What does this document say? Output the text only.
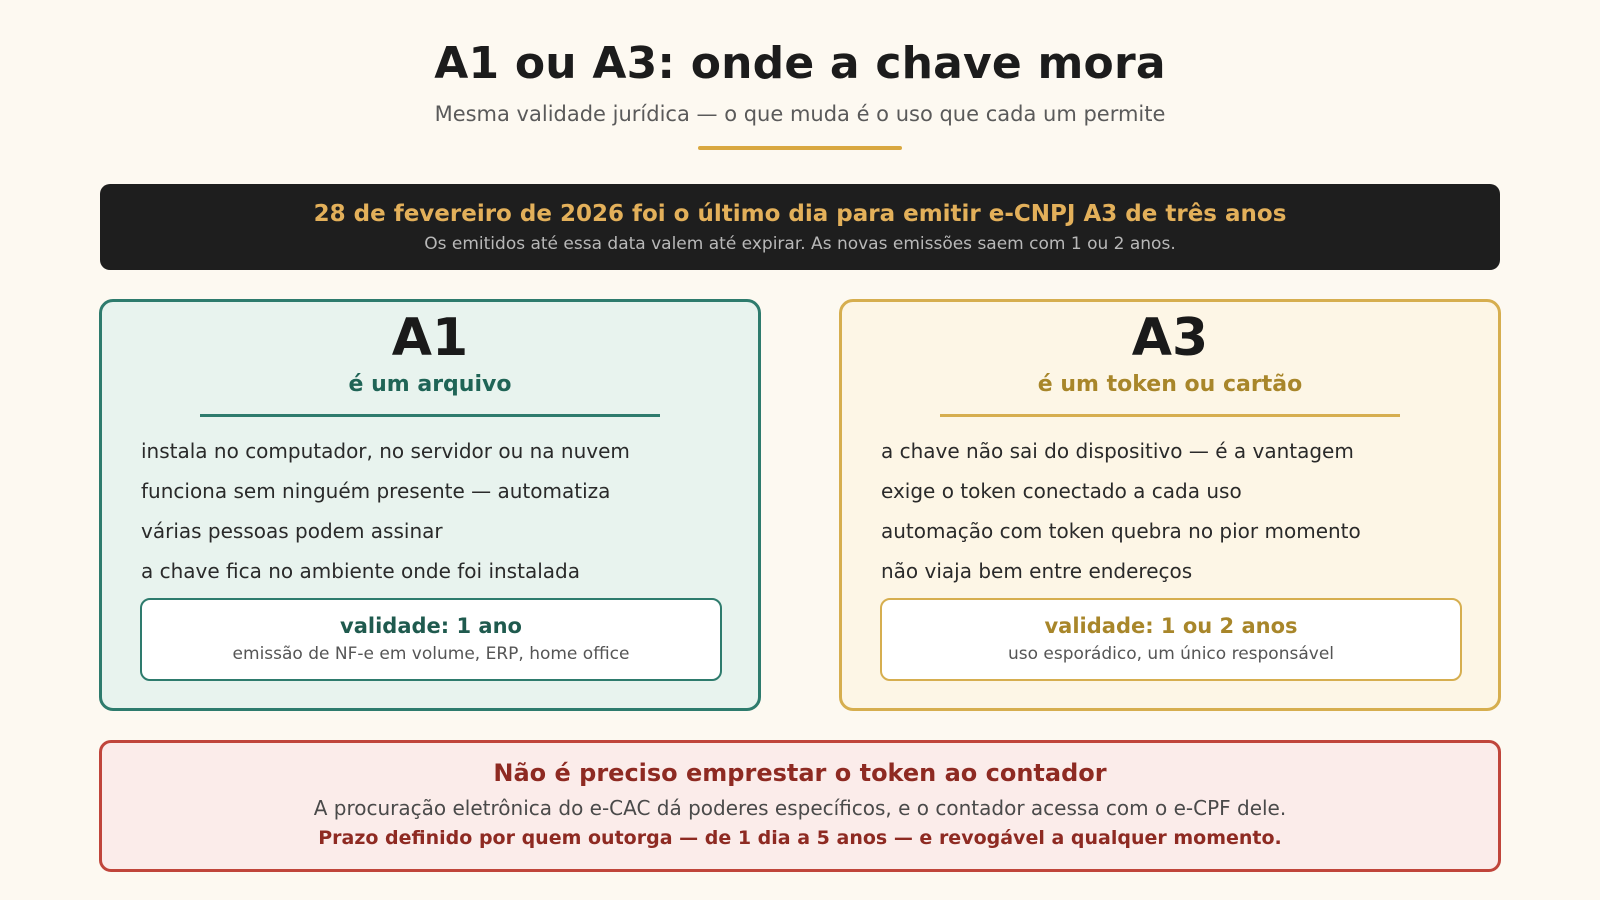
A1 ou A3: onde a chave mora

Mesma validade jurídica — o que muda é o uso que cada um permite

28 de fevereiro de 2026 foi o último dia para emitir e-CNPJ A3 de três anos
Os emitidos até essa data valem até expirar. As novas emissões saem com 1 ou 2 anos.
A1
é um arquivo
instala no computador, no servidor ou na nuvem
funciona sem ninguém presente — automatiza
várias pessoas podem assinar
a chave fica no ambiente onde foi instalada
validade: 1 ano
emissão de NF-e em volume, ERP, home office
A3
é um token ou cartão
a chave não sai do dispositivo — é a vantagem
exige o token conectado a cada uso
automação com token quebra no pior momento
não viaja bem entre endereços
validade: 1 ou 2 anos
uso esporádico, um único responsável
Não é preciso emprestar o token ao contador
A procuração eletrônica do e-CAC dá poderes específicos, e o contador acessa com o e-CPF dele.
Prazo definido por quem outorga — de 1 dia a 5 anos — e revogável a qualquer momento.
